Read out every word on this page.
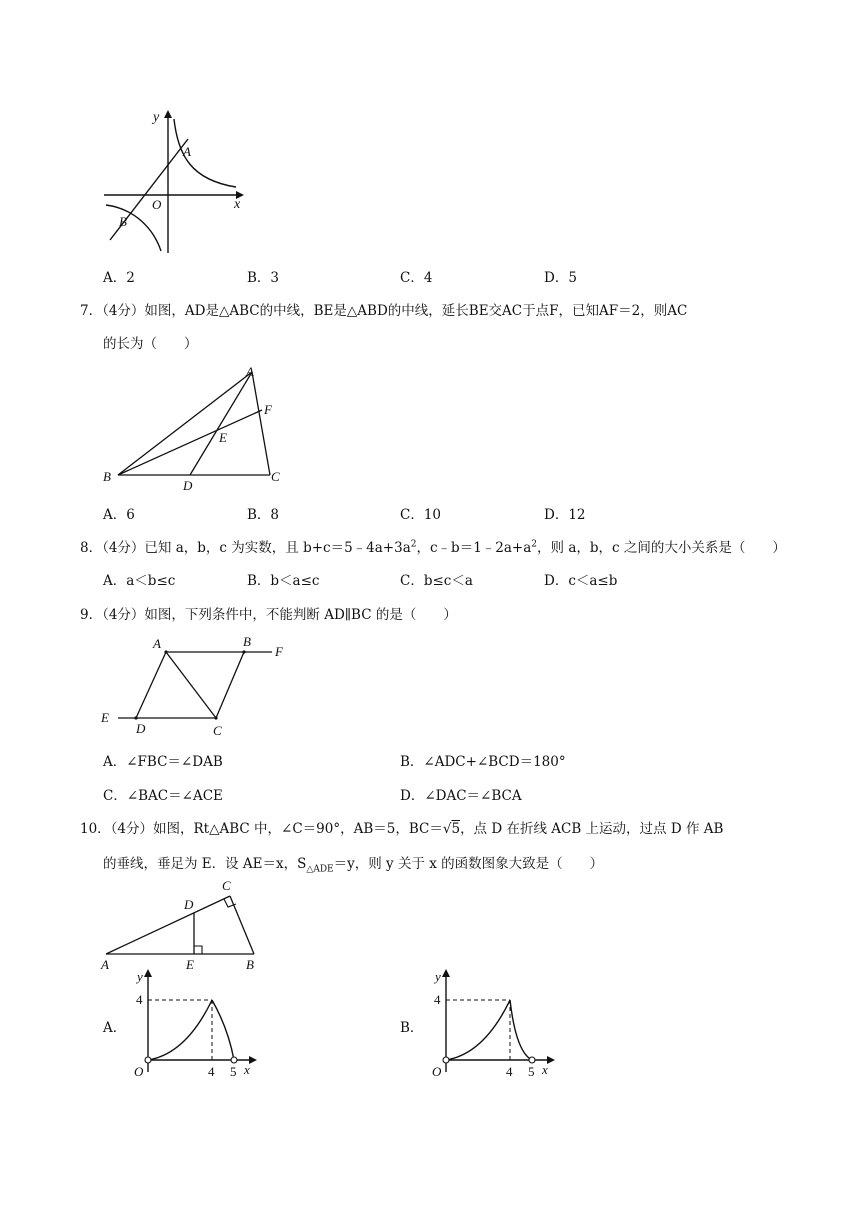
y
x
O
A
B
A．2	B．3	C．4	D．5
7．（4分）如图，AD是△ABC的中线，BE是△ABD的中线，延长BE交AC于点F，已知AF＝2，则AC
的长为（　　）
A
F
E
B	C
D
A．6	B．8	C．10	D．12
8．（4分）已知 a，b，c 为实数，且 $b+c=5﹣4a+3a^2$，$c﹣b=1﹣2a+a^2$，则 a，b，c 之间的大小关系是（　　）
A．a＜b≤c	B．b＜a≤c	C．b≤c＜a	D．c＜a≤b
9．（4分）如图，下列条件中，不能判断 AD∥BC 的是（　　）
A	B
F
E
D	C
A．∠FBC＝∠DAB	B．∠ADC+∠BCD＝180°
C．∠BAC＝∠ACE	D．∠DAC＝∠BCA
10．（4分）如图，Rt△ABC 中，∠C＝90°，AB＝5，BC＝√5，点 D 在折线 ACB 上运动，过点 D 作 AB
的垂线，垂足为 E．设 AE＝x，$S_{\triangle ADE}=y$，则 y 关于 x 的函数图象大致是（　　）
C
D
A	E	B
A．
y
4
O	4 5 x
B．
y
4
O	4 5 x
